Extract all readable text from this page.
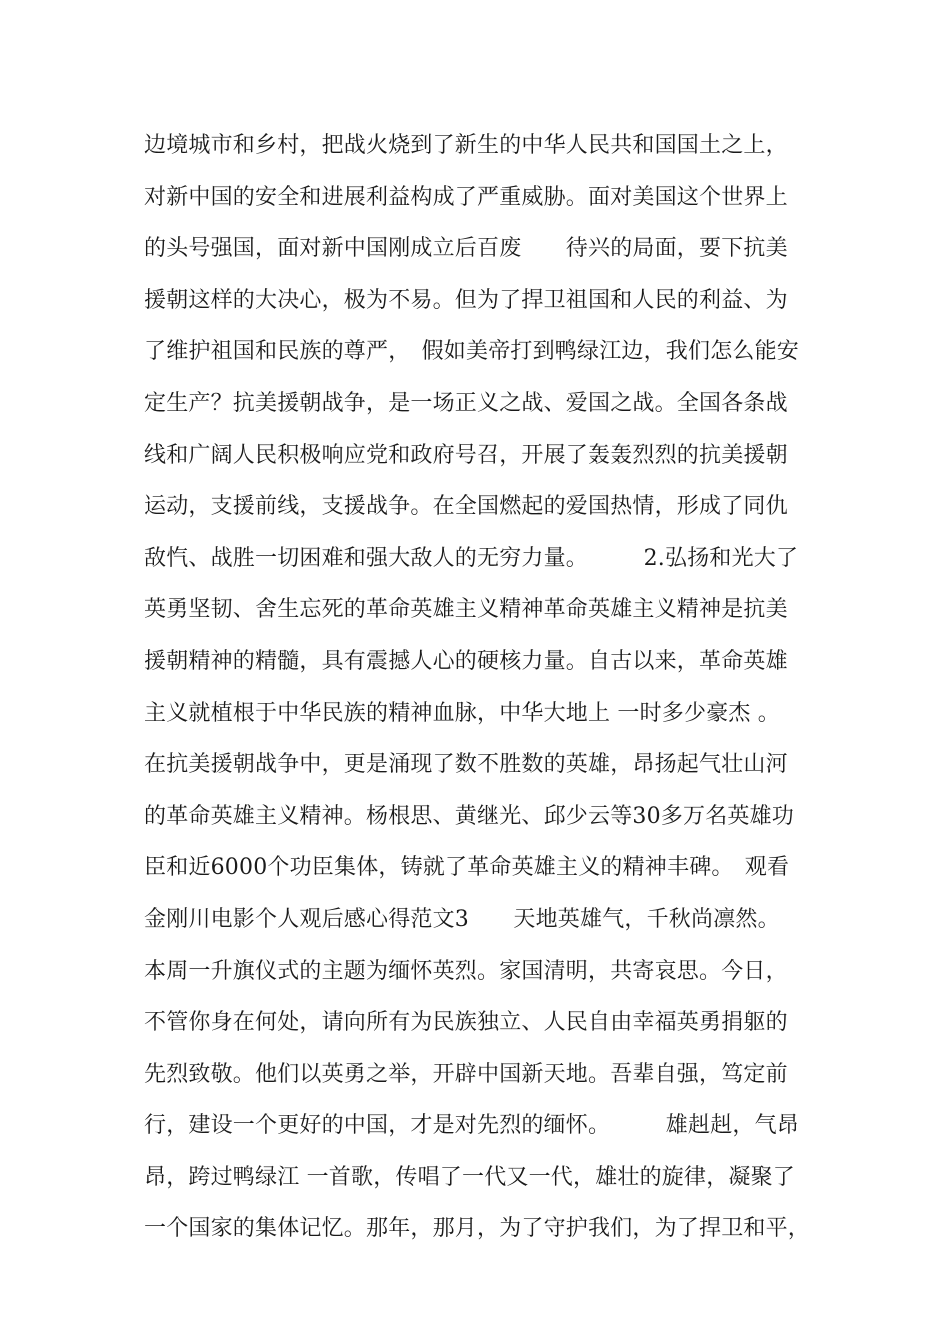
边境城市和乡村，把战火烧到了新生的中华人民共和国国土之上，
对新中国的安全和进展利益构成了严重威胁。面对美国这个世界上
的头号强国，面对新中国刚成立后百废　　待兴的局面，要下抗美
援朝这样的大决心，极为不易。但为了捍卫祖国和人民的利益、为
了维护祖国和民族的尊严，　假如美帝打到鸭绿江边，我们怎么能安
定生产？抗美援朝战争，是一场正义之战、爱国之战。全国各条战
线和广阔人民积极响应党和政府号召，开展了轰轰烈烈的抗美援朝
运动，支援前线，支援战争。在全国燃起的爱国热情，形成了同仇
敌忾、战胜一切困难和强大敌人的无穷力量。　　　2.弘扬和光大了
英勇坚韧、舍生忘死的革命英雄主义精神革命英雄主义精神是抗美
援朝精神的精髓，具有震撼人心的硬核力量。自古以来，革命英雄
主义就植根于中华民族的精神血脉，中华大地上 一时多少豪杰 。
在抗美援朝战争中，更是涌现了数不胜数的英雄，昂扬起气壮山河
的革命英雄主义精神。杨根思、黄继光、邱少云等30多万名英雄功
臣和近6000个功臣集体，铸就了革命英雄主义的精神丰碑。　观看
金刚川电影个人观后感心得范文3　　天地英雄气，千秋尚凛然。
本周一升旗仪式的主题为缅怀英烈。家国清明，共寄哀思。今日，
不管你身在何处，请向所有为民族独立、人民自由幸福英勇捐躯的
先烈致敬。他们以英勇之举，开辟中国新天地。吾辈自强，笃定前
行，建设一个更好的中国，才是对先烈的缅怀。　　　雄赳赳，气昂
昂，跨过鸭绿江 一首歌，传唱了一代又一代，雄壮的旋律，凝聚了
一个国家的集体记忆。那年，那月，为了守护我们，为了捍卫和平，
